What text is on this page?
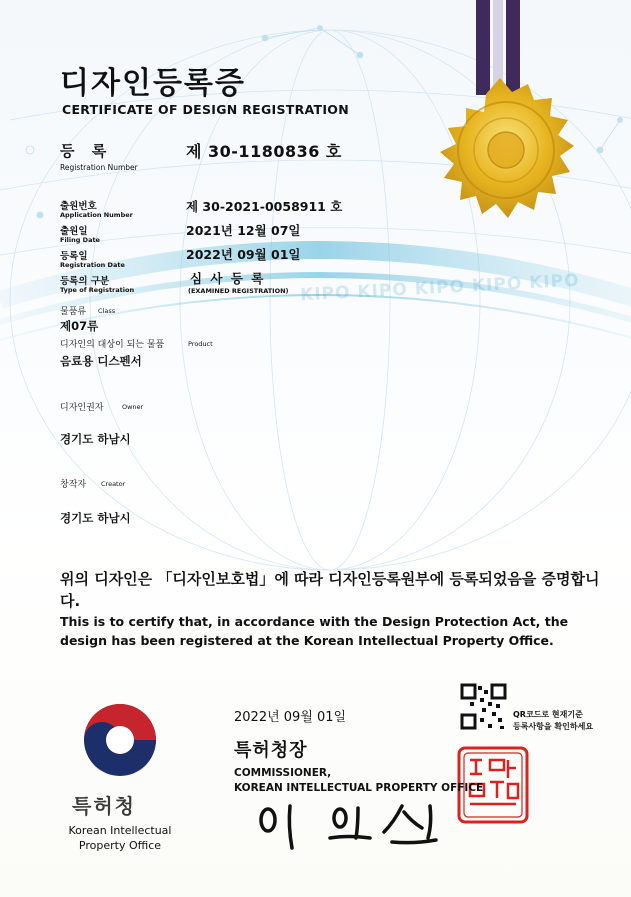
KIPO KIPO KIPO KIPO KIPO
디자인등록증
CERTIFICATE OF DESIGN REGISTRATION
등 록
Registration Number
제 30-1180836 호
출원번호
Application Number
제 30-2021-0058911 호
출원일
Filing Date
2021년 12월 07일
등록일
Registration Date
2022년 09월 01일
등록의 구분
Type of Registration
심 사 등 록
(EXAMINED REGISTRATION)
물품류 Class
제07류
디자인의 대상이 되는 물품	Product
음료용 디스펜서
디자인권자	Owner
경기도 하남시
창작자 Creator
경기도 하남시
위의 디자인은 「디자인보호법」에 따라 디자인등록원부에 등록되었음을 증명합니다.
This is to certify that, in accordance with the Design Protection Act, the design has been registered at the Korean Intellectual Property Office.
2022년 09월 01일	QR코드로 현재기준
등록사항을 확인하세요
특허청장
COMMISSIONER,
KOREAN INTELLECTUAL PROPERTY OFFICE
특허청
Korean Intellectual
Property Office
